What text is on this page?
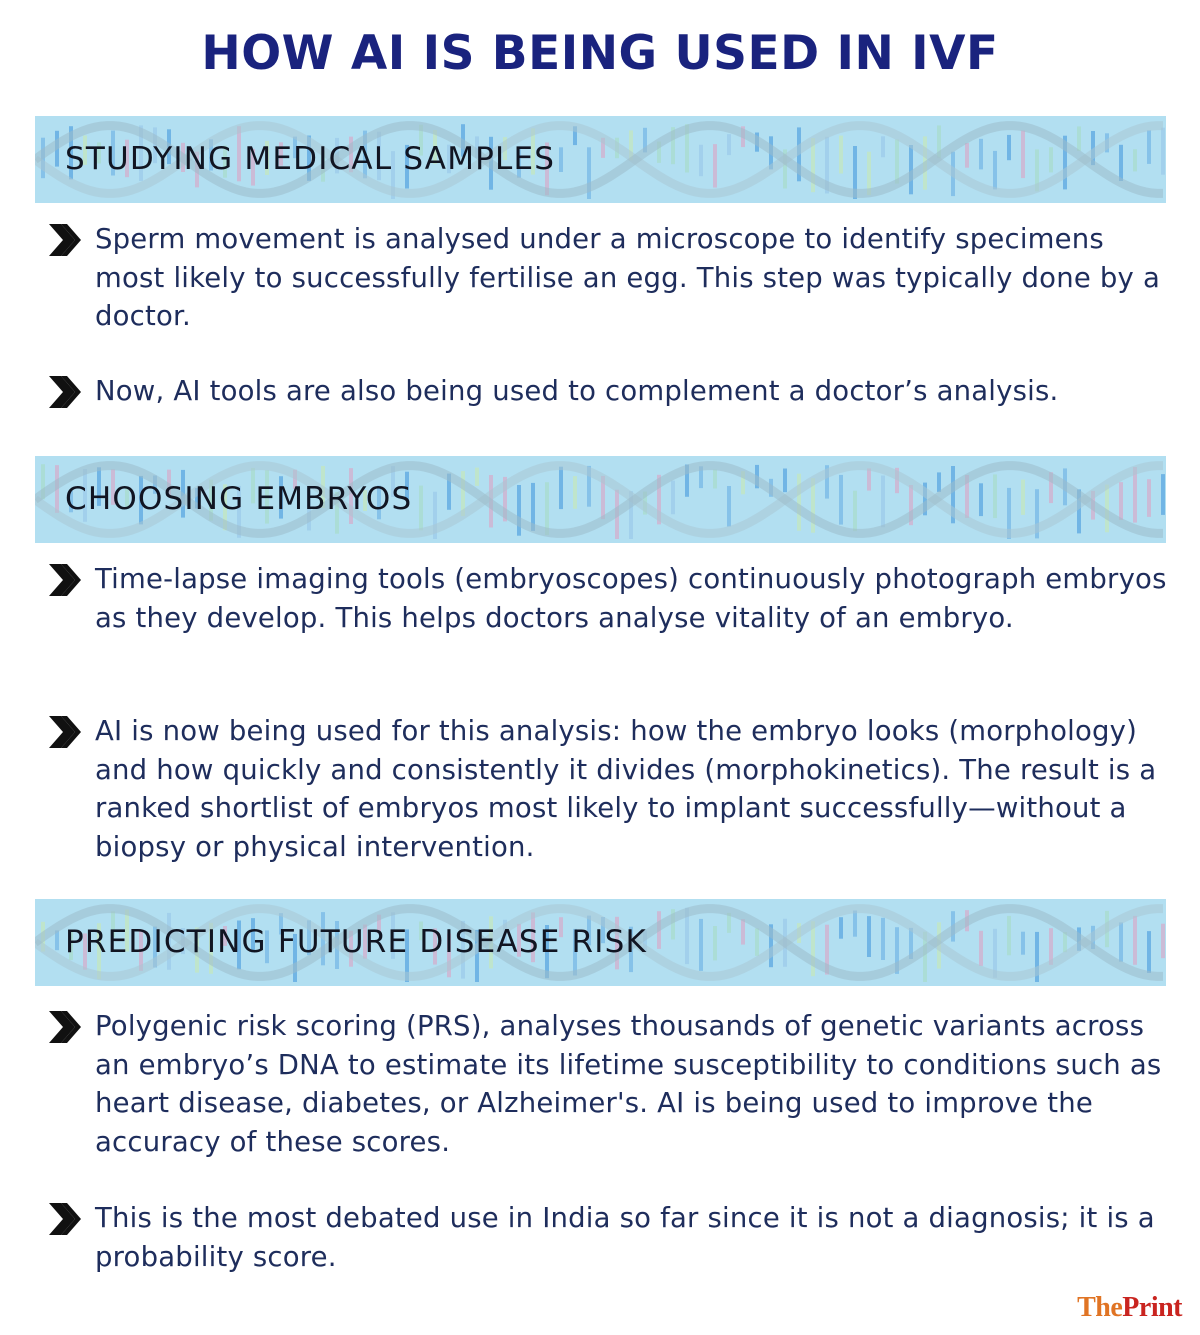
HOW AI IS BEING USED IN IVF
STUDYING MEDICAL SAMPLES
Sperm movement is analysed under a microscope to identify specimens most likely to successfully fertilise an egg. This step was typically done by a doctor.
Now, AI tools are also being used to complement a doctor’s analysis.
CHOOSING EMBRYOS
Time-lapse imaging tools (embryoscopes) continuously photograph embryos as they develop. This helps doctors analyse vitality of an embryo.
AI is now being used for this analysis: how the embryo looks (morphology) and how quickly and consistently it divides (morphokinetics). The result is a ranked shortlist of embryos most likely to implant successfully—without a biopsy or physical intervention.
PREDICTING FUTURE DISEASE RISK
Polygenic risk scoring (PRS), analyses thousands of genetic variants across an embryo’s DNA to estimate its lifetime susceptibility to conditions such as heart disease, diabetes, or Alzheimer's. AI is being used to improve the accuracy of these scores.
This is the most debated use in India so far since it is not a diagnosis; it is a probability score.
ThePrint
